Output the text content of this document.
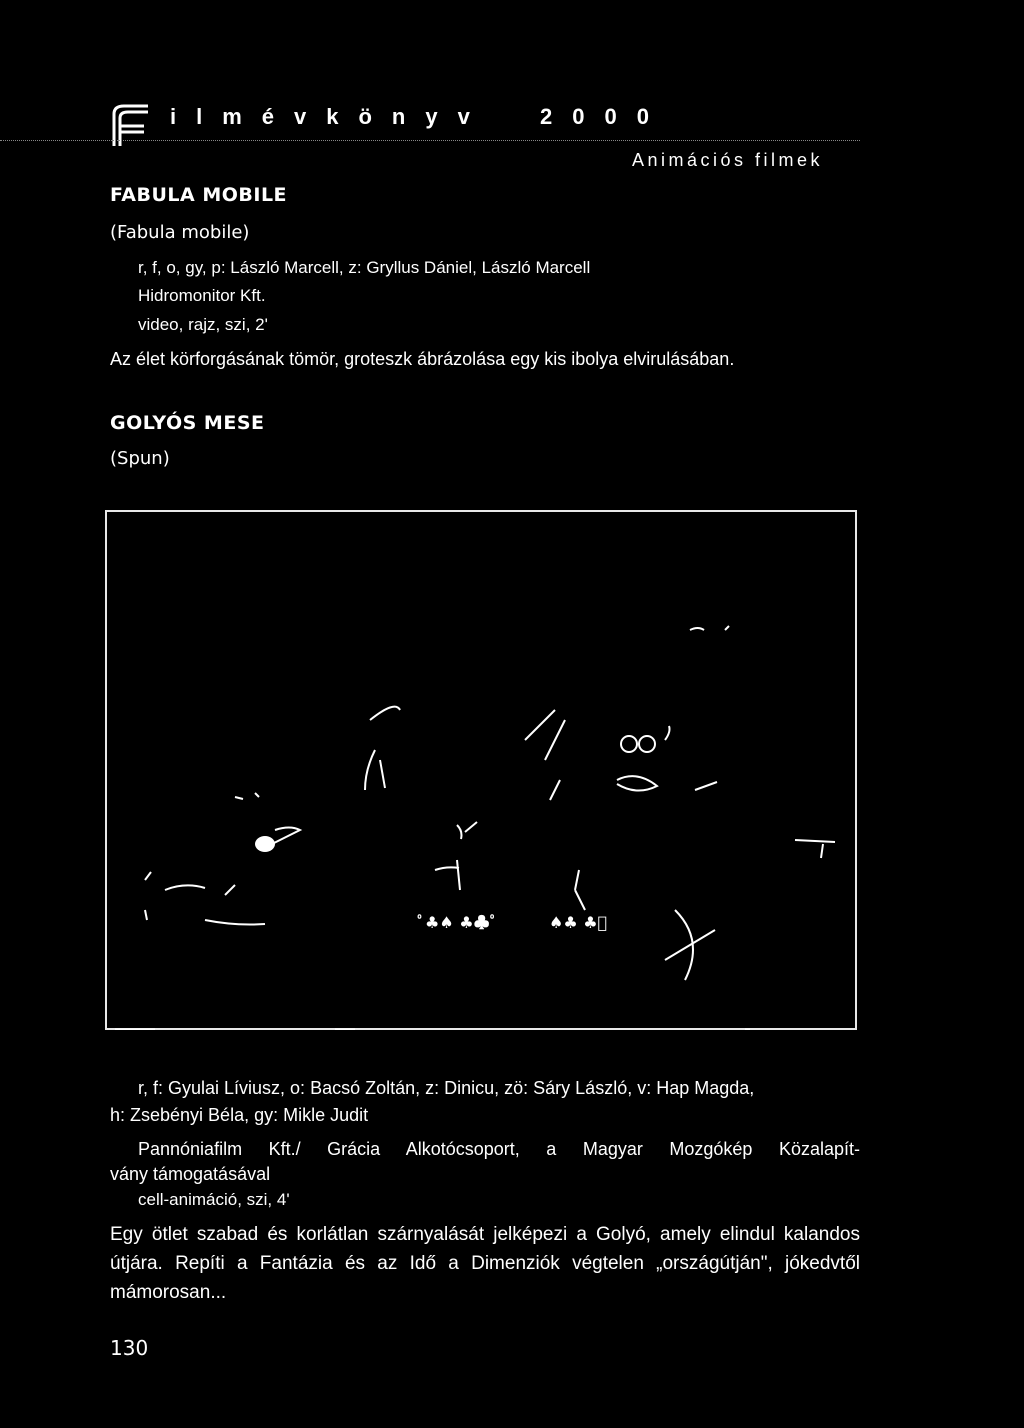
ilmévkönyv 2000
Animációs filmek
FABULA MOBILE
(Fabula mobile)
r, f, o, gy, p: László Marcell, z: Gryllus Dániel, László Marcell
Hidromonitor Kft.
video, rajz, szi, 2'
Az élet körforgásának tömör, groteszk ábrázolása egy kis ibolya elvirulásában.
GOLYÓS MESE
(Spun)
ﾟ♣♠ ♣♣ﾟ	♠♣ ♣ﾟ
r, f: Gyulai Líviusz, o: Bacsó Zoltán, z: Dinicu, zö: Sáry László, v: Hap Magda,
h: Zsebényi Béla, gy: Mikle Judit
Pannóniafilm Kft./ Grácia Alkotócsoport, a Magyar Mozgókép Közalapít-
vány támogatásával
cell-animáció, szi, 4'
Egy ötlet szabad és korlátlan szárnyalását jelképezi a Golyó, amely elindul kalandos útjára. Repíti a Fantázia és az Idő a Dimenziók végtelen „országútján", jókedvtől mámorosan...
130
